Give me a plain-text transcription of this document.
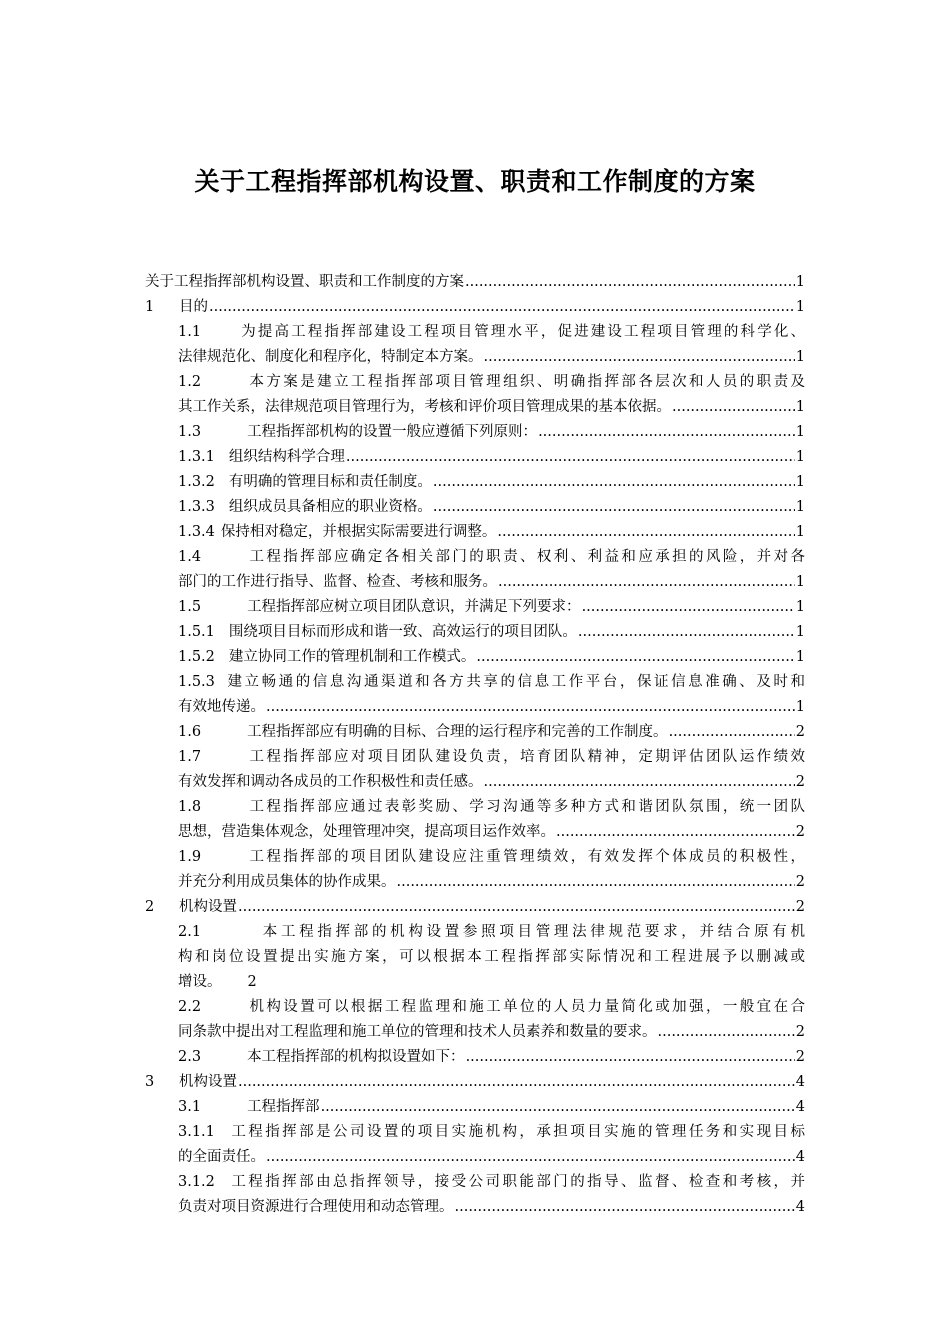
关于工程指挥部机构设置、职责和工作制度的方案
关于工程指挥部机构设置、职责和工作制度的方案 .....	1
1 目的 .....	1
1.1	为提高工程指挥部建设工程项目管理水平，促进建设工程项目管理的科学化、
法律规范化、制度化和程序化，特制定本方案。 .....	1
1.2	本方案是建立工程指挥部项目管理组织、明确指挥部各层次和人员的职责及
其工作关系，法律规范项目管理行为，考核和评价项目管理成果的基本依据。 .....	1
1.3	工程指挥部机构的设置一般应遵循下列原则： .....	1
1.3.1 组织结构科学合理 .....	1
1.3.2 有明确的管理目标和责任制度。 .....	1
1.3.3 组织成员具备相应的职业资格。 .....	1
1.3.4 保持相对稳定，并根据实际需要进行调整。 .....	1
1.4	工程指挥部应确定各相关部门的职责、权利、利益和应承担的风险，并对各
部门的工作进行指导、监督、检查、考核和服务。 .....	1
1.5	工程指挥部应树立项目团队意识，并满足下列要求： .....	1
1.5.1 围绕项目目标而形成和谐一致、高效运行的项目团队。 .....	1
1.5.2 建立协同工作的管理机制和工作模式。 .....	1
1.5.3 建立畅通的信息沟通渠道和各方共享的信息工作平台，保证信息准确、及时和
有效地传递。 .....	1
1.6	工程指挥部应有明确的目标、合理的运行程序和完善的工作制度。 .....	2
1.7	工程指挥部应对项目团队建设负责，培育团队精神，定期评估团队运作绩效
有效发挥和调动各成员的工作积极性和责任感。 .....	2
1.8	工程指挥部应通过表彰奖励、学习沟通等多种方式和谐团队氛围，统一团队
思想，营造集体观念，处理管理冲突，提高项目运作效率。 .....	2
1.9	工程指挥部的项目团队建设应注重管理绩效，有效发挥个体成员的积极性，
并充分利用成员集体的协作成果。 .....	2
2 机构设置 .....	2
2.1	本工程指挥部的机构设置参照项目管理法律规范要求，并结合原有机
构和岗位设置提出实施方案，可以根据本工程指挥部实际情况和工程进展予以删减或
增设。 2
2.2	机构设置可以根据工程监理和施工单位的人员力量简化或加强，一般宜在合
同条款中提出对工程监理和施工单位的管理和技术人员素养和数量的要求。 .....	2
2.3	本工程指挥部的机构拟设置如下： .....	2
3 机构设置 .....	4
3.1	工程指挥部 .....	4
3.1.1 工程指挥部是公司设置的项目实施机构，承担项目实施的管理任务和实现目标
的全面责任。 .....	4
3.1.2 工程指挥部由总指挥领导，接受公司职能部门的指导、监督、检查和考核，并
负责对项目资源进行合理使用和动态管理。 .....	4
